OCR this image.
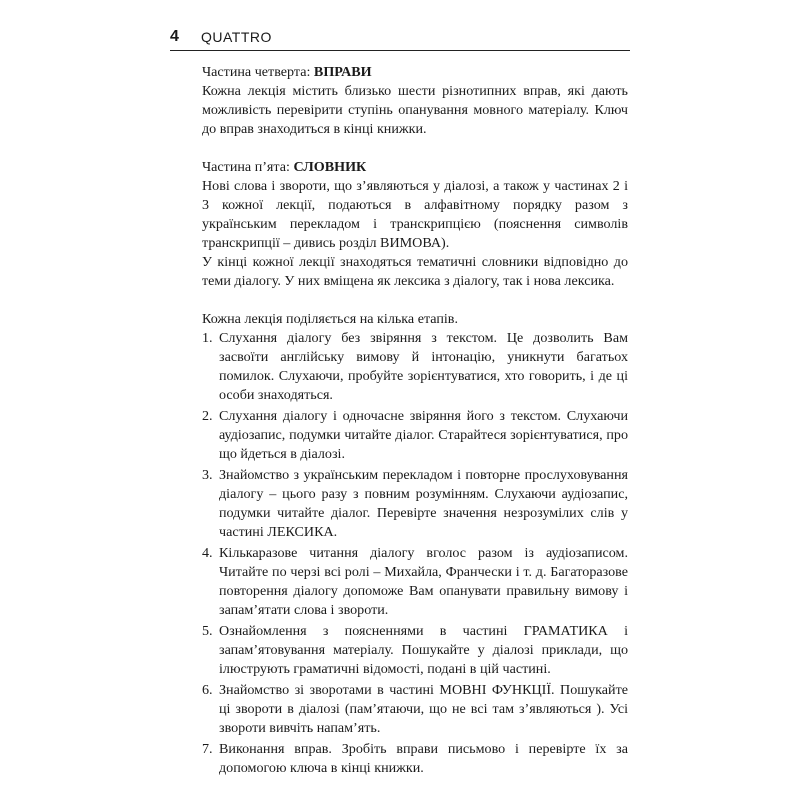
4 QUATTRO

Частина четверта: ВПРАВИ

Кожна лекція містить близько шести різнотипних вправ, які дають можливість перевірити ступінь опанування мовного матеріалу. Ключ до вправ знаходиться в кінці книжки.

Частина п’ята: СЛОВНИК

Нові слова і звороти, що з’являються у діалозі, а також у частинах 2 і 3 кожної лекції, подаються в алфавітному порядку разом з українським перекладом і транскрипцією (пояснення символів транскрипції – дивись розділ ВИМОВА).

У кінці кожної лекції знаходяться тематичні словники відповідно до теми діалогу. У них вміщена як лексика з діалогу, так і нова лексика.

Кожна лекція поділяється на кілька етапів.

1. Слухання діалогу без звіряння з текстом. Це дозволить Вам засвоїти англійську вимову й інтонацію, уникнути багатьох помилок. Слухаючи, пробуйте зорієнтуватися, хто говорить, і де ці особи знаходяться.
2. Слухання діалогу і одночасне звіряння його з текстом. Слухаючи аудіозапис, подумки читайте діалог. Старайтеся зорієнтуватися, про що йдеться в діалозі.
3. Знайомство з українським перекладом і повторне прослуховування діалогу – цього разу з повним розумінням. Слухаючи аудіозапис, подумки читайте діалог. Перевірте значення незрозумілих слів у частині ЛЕКСИКА.
4. Кількаразове читання діалогу вголос разом із аудіозаписом. Читайте по черзі всі ролі – Михайла, Франчески і т. д. Багаторазове повторення діалогу допоможе Вам опанувати правильну вимову і запам’ятати слова і звороти.
5. Ознайомлення з поясненнями в частині ГРАМАТИКА і запам’ятовування матеріалу. Пошукайте у діалозі приклади, що ілюструють граматичні відомості, подані в цій частині.
6. Знайомство зі зворотами в частині МОВНІ ФУНКЦІЇ. Пошукайте ці звороти в діалозі (пам’ятаючи, що не всі там з’являються ). Усі звороти вивчіть напам’ять.
7. Виконання вправ. Зробіть вправи письмово і перевірте їх за допомогою ключа в кінці книжки.
